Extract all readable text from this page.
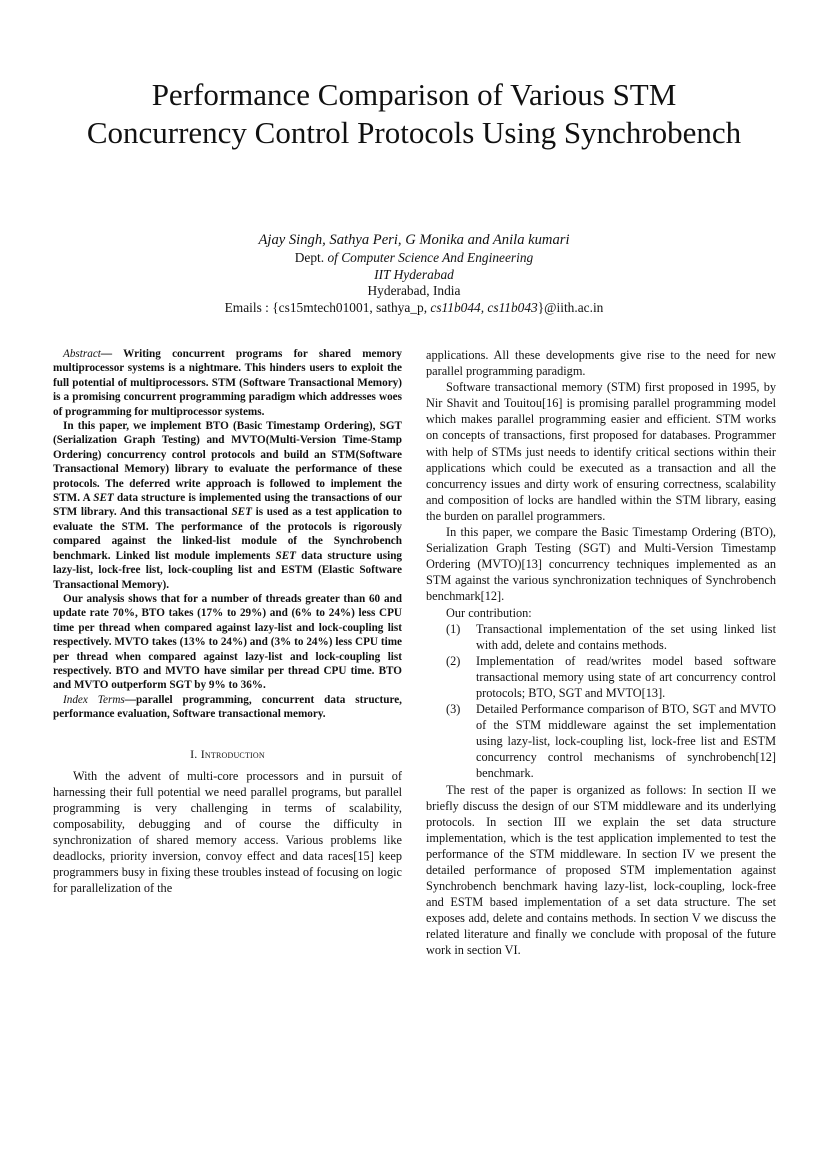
Performance Comparison of Various STM
Concurrency Control Protocols Using Synchrobench
Ajay Singh, Sathya Peri, G Monika and Anila kumari
Dept. of Computer Science And Engineering
IIT Hyderabad
Hyderabad, India
Emails : {cs15mtech01001, sathya_p, cs11b044, cs11b043}@iith.ac.in

Abstract— Writing concurrent programs for shared memory multiprocessor systems is a nightmare. This hinders users to exploit the full potential of multiprocessors. STM (Software Transactional Memory) is a promising concurrent programming paradigm which addresses woes of programming for multiprocessor systems.

In this paper, we implement BTO (Basic Timestamp Ordering), SGT (Serialization Graph Testing) and MVTO(Multi-Version Time-Stamp Ordering) concurrency control protocols and build an STM(Software Transactional Memory) library to evaluate the performance of these protocols. The deferred write approach is followed to implement the STM. A SET data structure is implemented using the transactions of our STM library. And this transactional SET is used as a test application to evaluate the STM. The performance of the protocols is rigorously compared against the linked-list module of the Synchrobench benchmark. Linked list module implements SET data structure using lazy-list, lock-free list, lock-coupling list and ESTM (Elastic Software Transactional Memory).

Our analysis shows that for a number of threads greater than 60 and update rate 70%, BTO takes (17% to 29%) and (6% to 24%) less CPU time per thread when compared against lazy-list and lock-coupling list respectively. MVTO takes (13% to 24%) and (3% to 24%) less CPU time per thread when compared against lazy-list and lock-coupling list respectively. BTO and MVTO have similar per thread CPU time. BTO and MVTO outperform SGT by 9% to 36%.

Index Terms—parallel programming, concurrent data structure, performance evaluation, Software transactional memory.

I. Introduction

With the advent of multi-core processors and in pursuit of harnessing their full potential we need parallel programs, but parallel programming is very challenging in terms of scalability, composability, debugging and of course the difficulty in synchronization of shared memory access. Various problems like deadlocks, priority inversion, convoy effect and data races[15] keep programmers busy in fixing these troubles instead of focusing on logic for parallelization of the

applications. All these developments give rise to the need for new parallel programming paradigm.

Software transactional memory (STM) first proposed in 1995, by Nir Shavit and Touitou[16] is promising parallel programming model which makes parallel programming easier and efficient. STM works on concepts of transactions, first proposed for databases. Programmer with help of STMs just needs to identify critical sections within their applications which could be executed as a transaction and all the concurrency issues and dirty work of ensuring correctness, scalability and composition of locks are handled within the STM library, easing the burden on parallel programmers.

In this paper, we compare the Basic Timestamp Ordering (BTO), Serialization Graph Testing (SGT) and Multi-Version Timestamp Ordering (MVTO)[13] concurrency techniques implemented as an STM against the various synchronization techniques of Synchrobench benchmark[12].

Our contribution:

(1)	Transactional implementation of the set using linked list with add, delete and contains methods.
(2)	Implementation of read/writes model based software transactional memory using state of art concurrency control protocols; BTO, SGT and MVTO[13].
(3)	Detailed Performance comparison of BTO, SGT and MVTO of the STM middleware against the set implementation using lazy-list, lock-coupling list, lock-free list and ESTM concurrency control mechanisms of synchrobench[12] benchmark.

The rest of the paper is organized as follows: In section II we briefly discuss the design of our STM middleware and its underlying protocols. In section III we explain the set data structure implementation, which is the test application implemented to test the performance of the STM middleware. In section IV we present the detailed performance of proposed STM implementation against Synchrobench benchmark having lazy-list, lock-coupling, lock-free and ESTM based implementation of a set data structure. The set exposes add, delete and contains methods. In section V we discuss the related literature and finally we conclude with proposal of the future work in section VI.
